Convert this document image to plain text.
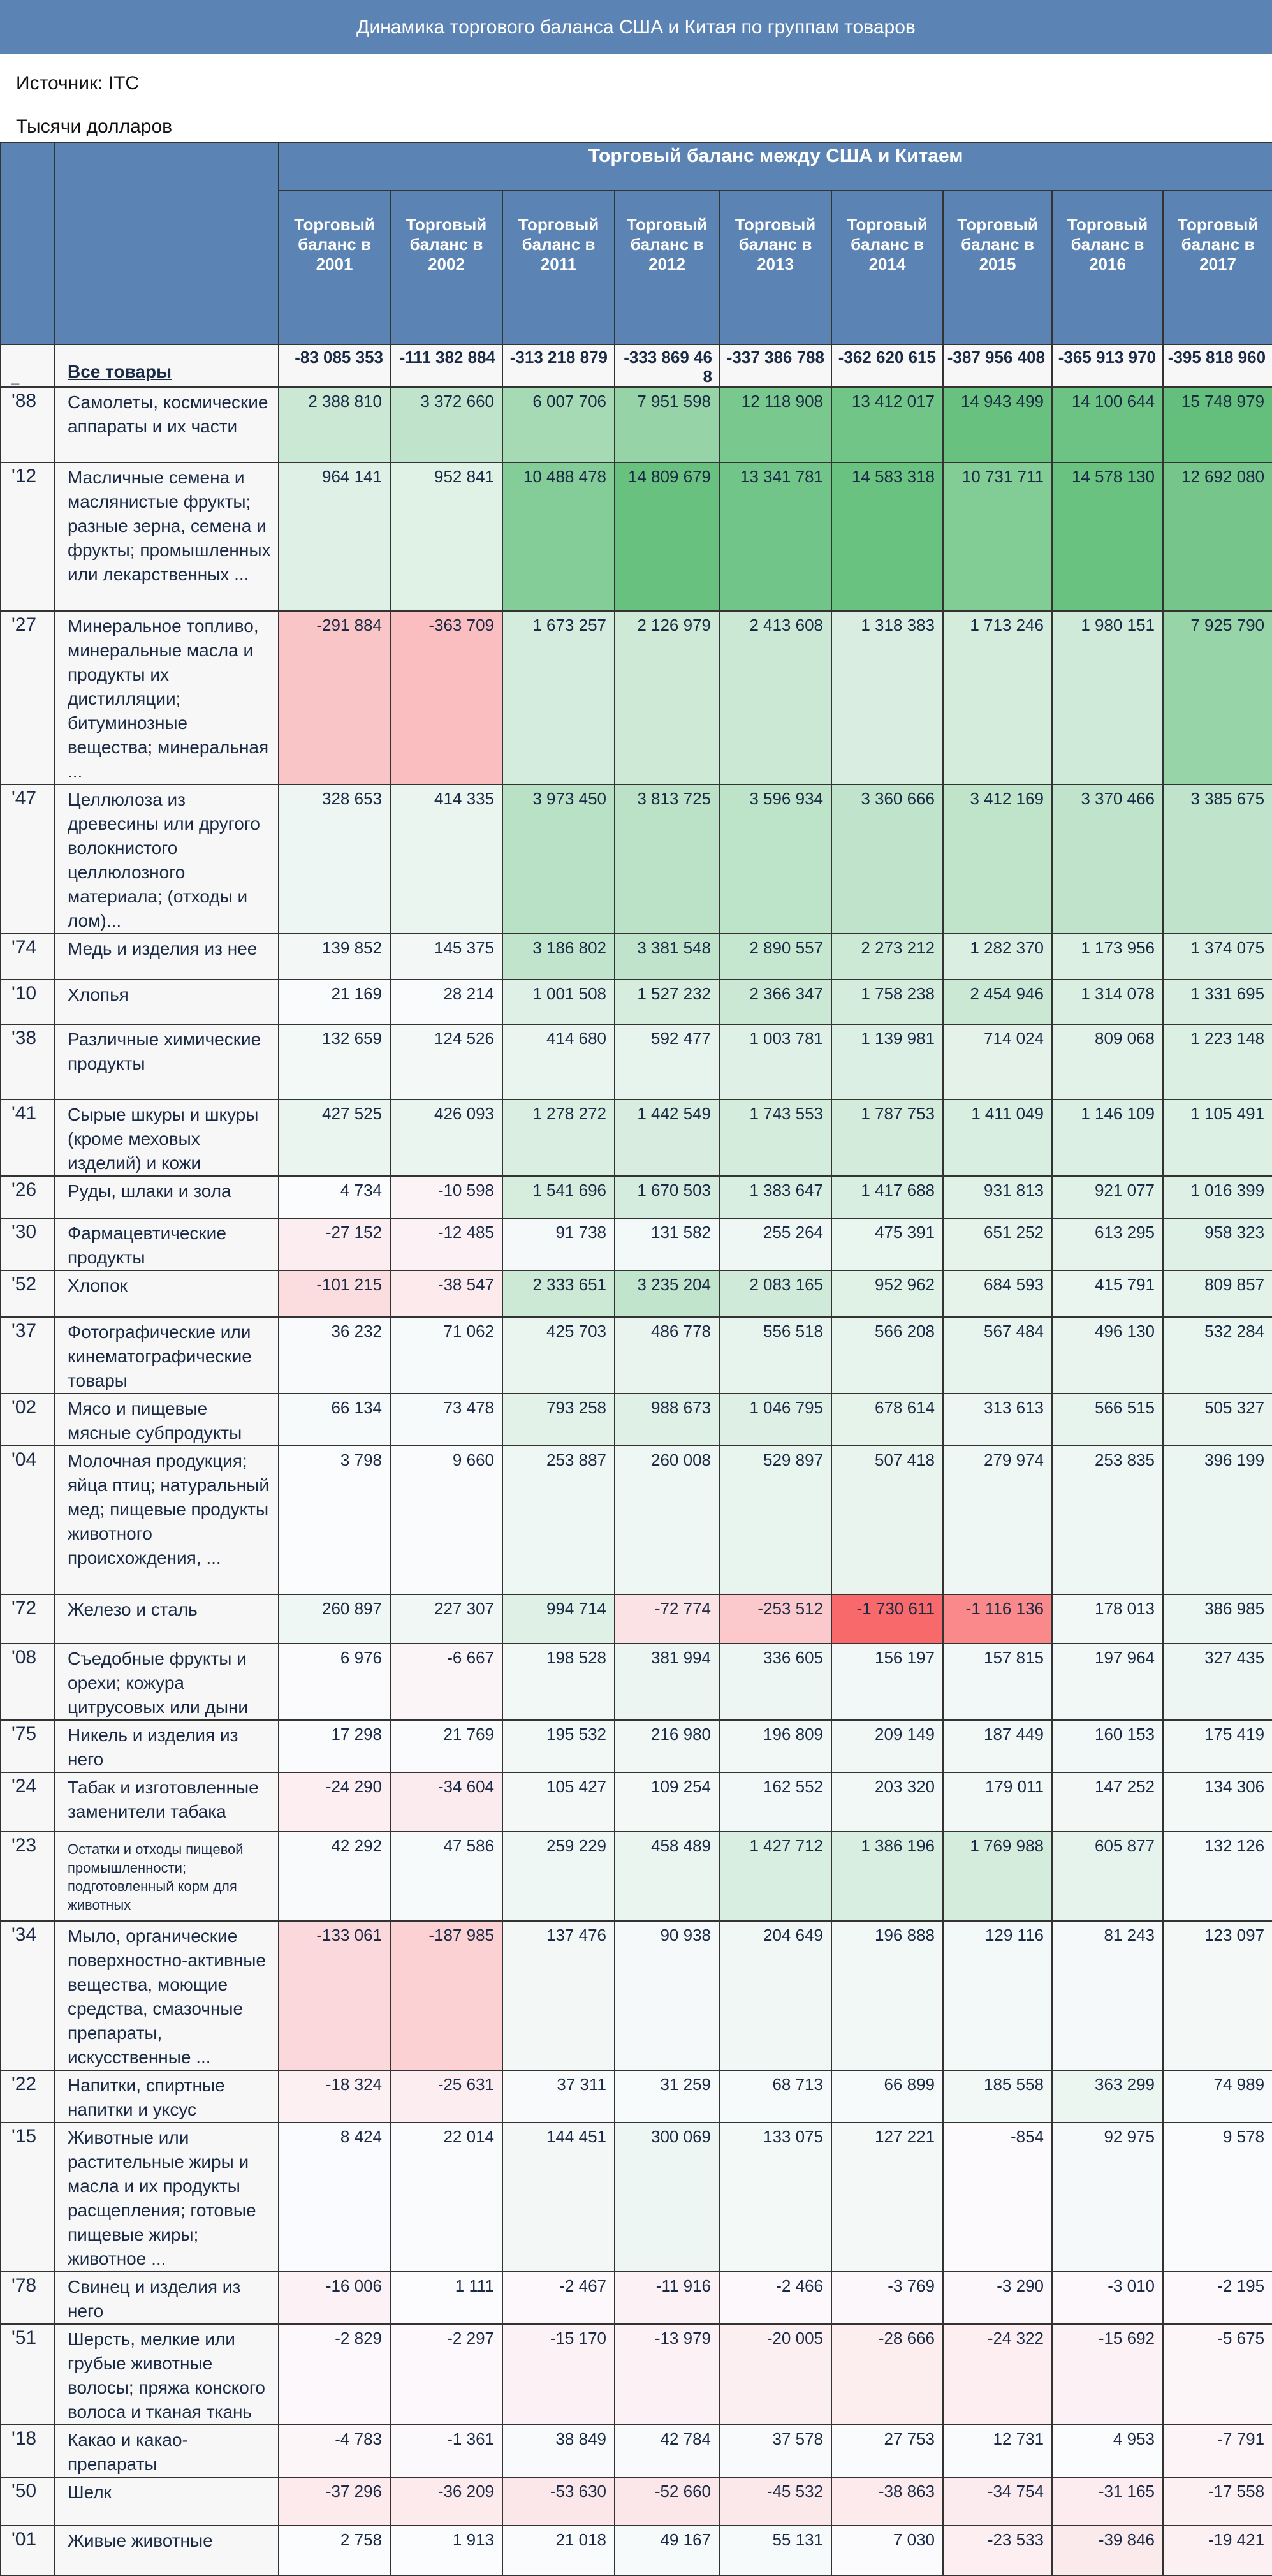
Динамика торгового баланса США и Китая по группам товаров
Источник: ITC
Тысячи долларов
		Торговый баланс между США и Китаем								
		Торговый баланс в 2001	Торговый баланс в 2002	Торговый баланс в 2011	Торговый баланс в 2012	Торговый баланс в 2013	Торговый баланс в 2014	Торговый баланс в 2015	Торговый баланс в 2016	Торговый баланс в 2017
_	Все товары	-83 085 353	-111 382 884	-313 218 879	-333 869 468	-337 386 788	-362 620 615	-387 956 408	-365 913 970	-395 818 960
'88	Самолеты, космические аппараты и их части	2 388 810	3 372 660	6 007 706	7 951 598	12 118 908	13 412 017	14 943 499	14 100 644	15 748 979
'12	Масличные семена и маслянистые фрукты; разные зерна, семена и фрукты; промышленных или лекарственных ...	964 141	952 841	10 488 478	14 809 679	13 341 781	14 583 318	10 731 711	14 578 130	12 692 080
'27	Минеральное топливо, минеральные масла и продукты их дистилляции; битуминозные вещества; минеральная ...	-291 884	-363 709	1 673 257	2 126 979	2 413 608	1 318 383	1 713 246	1 980 151	7 925 790
'47	Целлюлоза из древесины или другого волокнистого целлюлозного материала; (отходы и лом)...	328 653	414 335	3 973 450	3 813 725	3 596 934	3 360 666	3 412 169	3 370 466	3 385 675
'74	Медь и изделия из нее	139 852	145 375	3 186 802	3 381 548	2 890 557	2 273 212	1 282 370	1 173 956	1 374 075
'10	Хлопья	21 169	28 214	1 001 508	1 527 232	2 366 347	1 758 238	2 454 946	1 314 078	1 331 695
'38	Различные химические продукты	132 659	124 526	414 680	592 477	1 003 781	1 139 981	714 024	809 068	1 223 148
'41	Сырые шкуры и шкуры (кроме меховых изделий) и кожи	427 525	426 093	1 278 272	1 442 549	1 743 553	1 787 753	1 411 049	1 146 109	1 105 491
'26	Руды, шлаки и зола	4 734	-10 598	1 541 696	1 670 503	1 383 647	1 417 688	931 813	921 077	1 016 399
'30	Фармацевтические продукты	-27 152	-12 485	91 738	131 582	255 264	475 391	651 252	613 295	958 323
'52	Хлопок	-101 215	-38 547	2 333 651	3 235 204	2 083 165	952 962	684 593	415 791	809 857
'37	Фотографические или кинематографические товары	36 232	71 062	425 703	486 778	556 518	566 208	567 484	496 130	532 284
'02	Мясо и пищевые мясные субпродукты	66 134	73 478	793 258	988 673	1 046 795	678 614	313 613	566 515	505 327
'04	Молочная продукция; яйца птиц; натуральный мед; пищевые продукты животного происхождения, ...	3 798	9 660	253 887	260 008	529 897	507 418	279 974	253 835	396 199
'72	Железо и сталь	260 897	227 307	994 714	-72 774	-253 512	-1 730 611	-1 116 136	178 013	386 985
'08	Съедобные фрукты и орехи; кожура цитрусовых или дыни	6 976	-6 667	198 528	381 994	336 605	156 197	157 815	197 964	327 435
'75	Никель и изделия из него	17 298	21 769	195 532	216 980	196 809	209 149	187 449	160 153	175 419
'24	Табак и изготовленные заменители табака	-24 290	-34 604	105 427	109 254	162 552	203 320	179 011	147 252	134 306
'23	Остатки и отходы пищевой промышленности; подготовленный корм для животных	42 292	47 586	259 229	458 489	1 427 712	1 386 196	1 769 988	605 877	132 126
'34	Мыло, органические поверхностно-активные вещества, моющие средства, смазочные препараты, искусственные ...	-133 061	-187 985	137 476	90 938	204 649	196 888	129 116	81 243	123 097
'22	Напитки, спиртные напитки и уксус	-18 324	-25 631	37 311	31 259	68 713	66 899	185 558	363 299	74 989
'15	Животные или растительные жиры и масла и их продукты расщепления; готовые пищевые жиры; животное ...	8 424	22 014	144 451	300 069	133 075	127 221	-854	92 975	9 578
'78	Свинец и изделия из него	-16 006	1 111	-2 467	-11 916	-2 466	-3 769	-3 290	-3 010	-2 195
'51	Шерсть, мелкие или грубые животные волосы; пряжа конского волоса и тканая ткань	-2 829	-2 297	-15 170	-13 979	-20 005	-28 666	-24 322	-15 692	-5 675
'18	Какао и какао-препараты	-4 783	-1 361	38 849	42 784	37 578	27 753	12 731	4 953	-7 791
'50	Шелк	-37 296	-36 209	-53 630	-52 660	-45 532	-38 863	-34 754	-31 165	-17 558
'01	Живые животные	2 758	1 913	21 018	49 167	55 131	7 030	-23 533	-39 846	-19 421
